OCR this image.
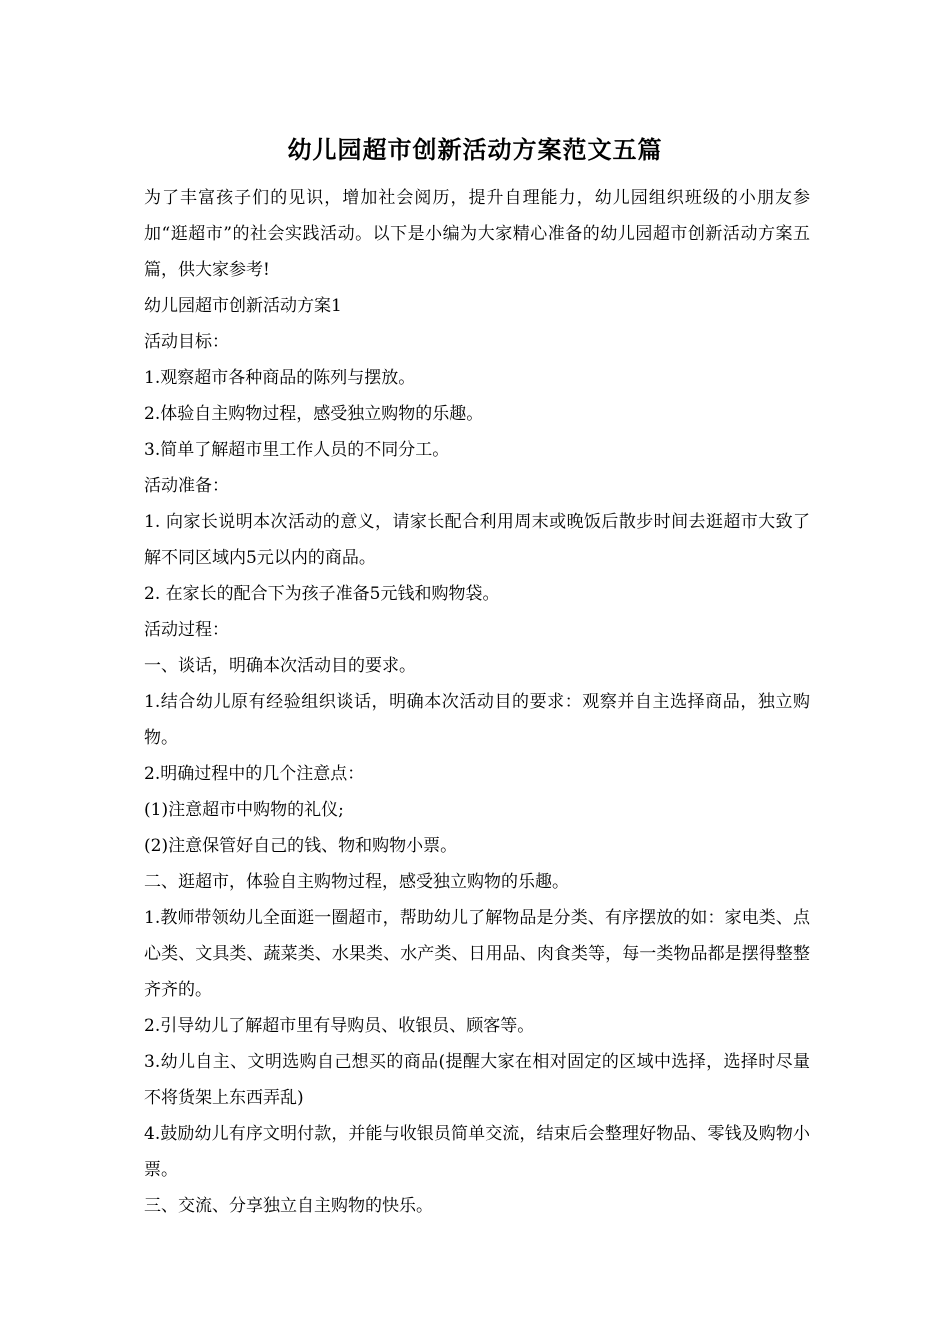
幼儿园超市创新活动方案范文五篇

为了丰富孩子们的见识，增加社会阅历，提升自理能力，幼儿园组织班级的小朋友参加“逛超市”的社会实践活动。以下是小编为大家精心准备的幼儿园超市创新活动方案五篇，供大家参考!

幼儿园超市创新活动方案1

活动目标：

1.观察超市各种商品的陈列与摆放。

2.体验自主购物过程，感受独立购物的乐趣。

3.简单了解超市里工作人员的不同分工。

活动准备：

1. 向家长说明本次活动的意义，请家长配合利用周末或晚饭后散步时间去逛超市大致了解不同区域内5元以内的商品。

2. 在家长的配合下为孩子准备5元钱和购物袋。

活动过程：

一、谈话，明确本次活动目的要求。

1.结合幼儿原有经验组织谈话，明确本次活动目的要求：观察并自主选择商品，独立购物。

2.明确过程中的几个注意点：

(1)注意超市中购物的礼仪;

(2)注意保管好自己的钱、物和购物小票。

二、逛超市，体验自主购物过程，感受独立购物的乐趣。

1.教师带领幼儿全面逛一圈超市，帮助幼儿了解物品是分类、有序摆放的如：家电类、点心类、文具类、蔬菜类、水果类、水产类、日用品、肉食类等，每一类物品都是摆得整整齐齐的。

2.引导幼儿了解超市里有导购员、收银员、顾客等。

3.幼儿自主、文明选购自己想买的商品(提醒大家在相对固定的区域中选择，选择时尽量不将货架上东西弄乱)

4.鼓励幼儿有序文明付款，并能与收银员简单交流，结束后会整理好物品、零钱及购物小票。

三、交流、分享独立自主购物的快乐。
